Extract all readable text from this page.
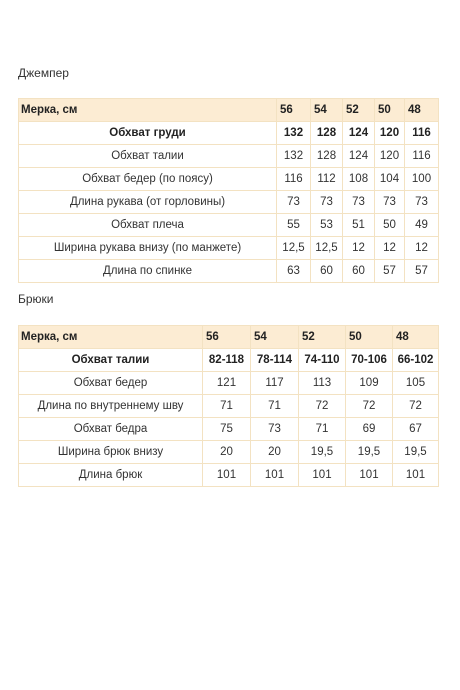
Джемпер
Мерка, см	56	54	52	50	48
Обхват груди	132	128	124	120	116
Обхват талии	132	128	124	120	116
Обхват бедер (по поясу)	116	112	108	104	100
Длина рукава (от горловины)	73	73	73	73	73
Обхват плеча	55	53	51	50	49
Ширина рукава внизу (по манжете)	12,5	12,5	12	12	12
Длина по спинке	63	60	60	57	57
Брюки
Мерка, см	56	54	52	50	48
Обхват талии	82-118	78-114	74-110	70-106	66-102
Обхват бедер	121	117	113	109	105
Длина по внутреннему шву	71	71	72	72	72
Обхват бедра	75	73	71	69	67
Ширина брюк внизу	20	20	19,5	19,5	19,5
Длина брюк	101	101	101	101	101
